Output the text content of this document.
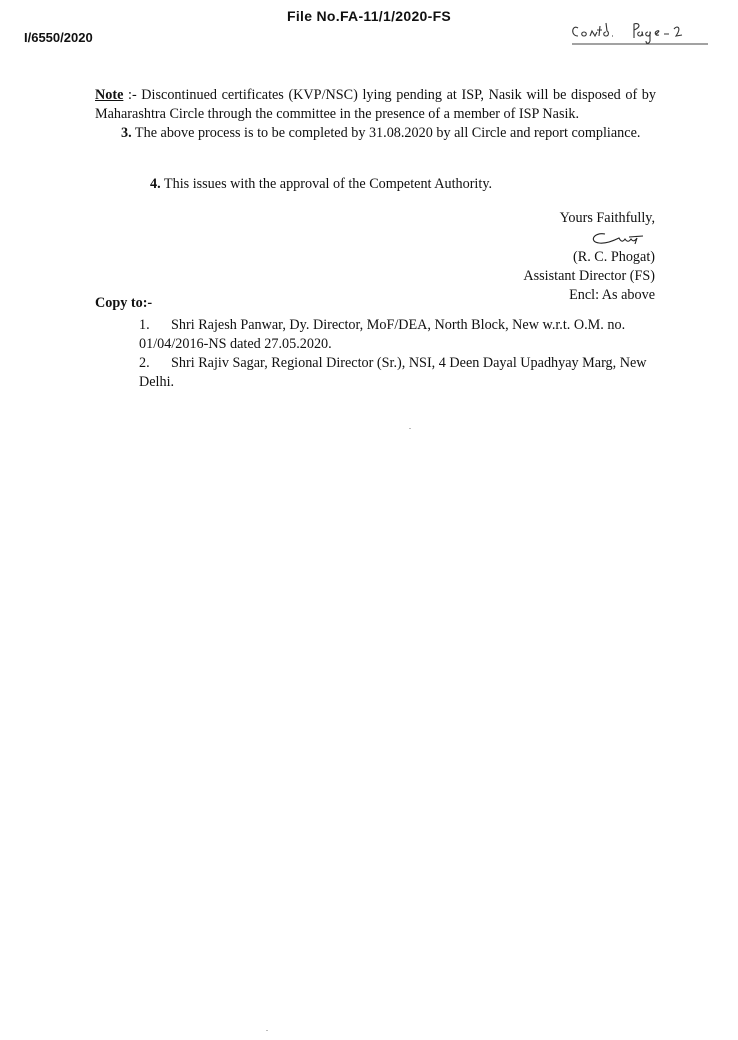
File No.FA-11/1/2020-FS
I/6550/2020
Note :- Discontinued certificates (KVP/NSC) lying pending at ISP, Nasik will be disposed of by Maharashtra Circle through the committee in the presence of a member of ISP Nasik.
3. The above process is to be completed by 31.08.2020 by all Circle and report compliance.
4. This issues with the approval of the Competent Authority.
Yours Faithfully,
(R. C. Phogat)
Assistant Director (FS)
Encl: As above
Copy to:-
1. Shri Rajesh Panwar, Dy. Director, MoF/DEA, North Block, New w.r.t. O.M. no. 01/04/2016-NS dated 27.05.2020.
2. Shri Rajiv Sagar, Regional Director (Sr.), NSI, 4 Deen Dayal Upadhyay Marg, New Delhi.
